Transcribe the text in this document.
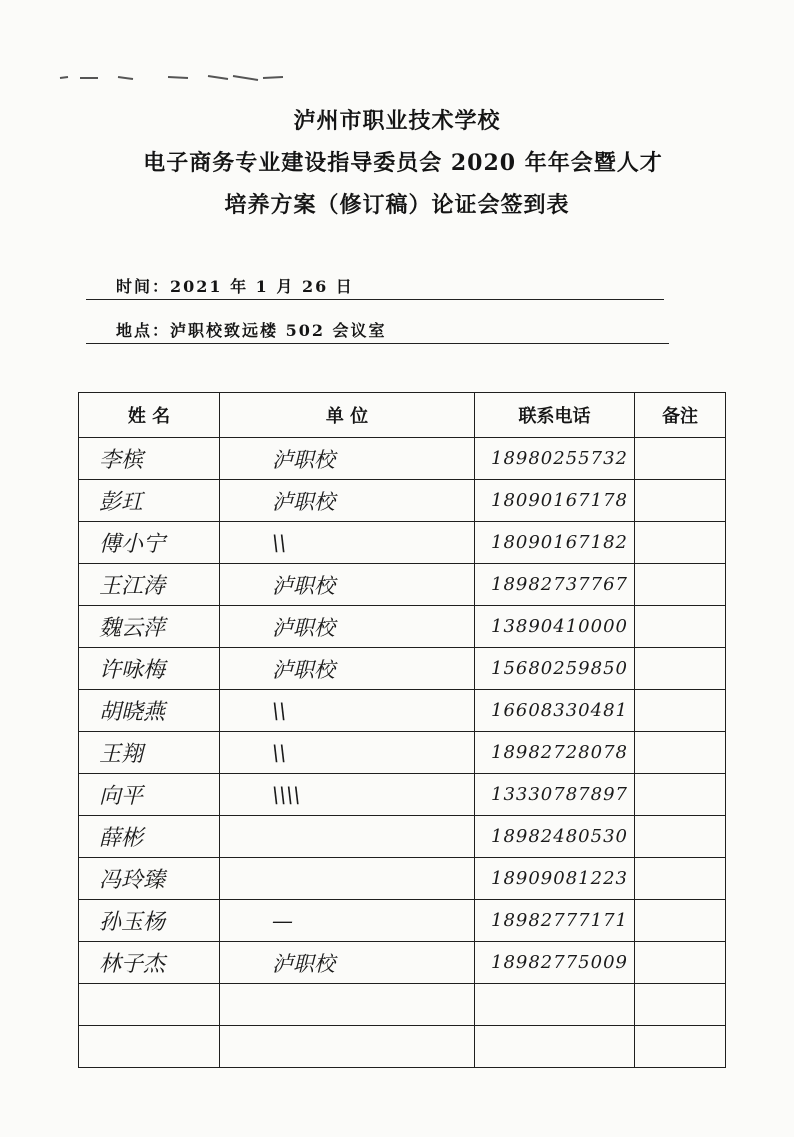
泸州市职业技术学校
电子商务专业建设指导委员会 2020 年年会暨人才
培养方案（修订稿）论证会签到表
时间：2021 年 1 月 26 日
地点：泸职校致远楼 502 会议室
姓 名	单 位	联系电话	备注

李槟	泸职校	18980255732	

彭玒	泸职校	18090167178	

傅小宁	\\	18090167182	

王江涛	泸职校	18982737767	

魏云萍	泸职校	13890410000	

许咏梅	泸职校	15680259850	

胡晓燕	\\	16608330481	

王翔	\\	18982728078	

向平	\\\\	13330787897	

薛彬		18982480530	

冯玲臻		18909081223	

孙玉杨	—	18982777171	

林子杰	泸职校	18982775009	
